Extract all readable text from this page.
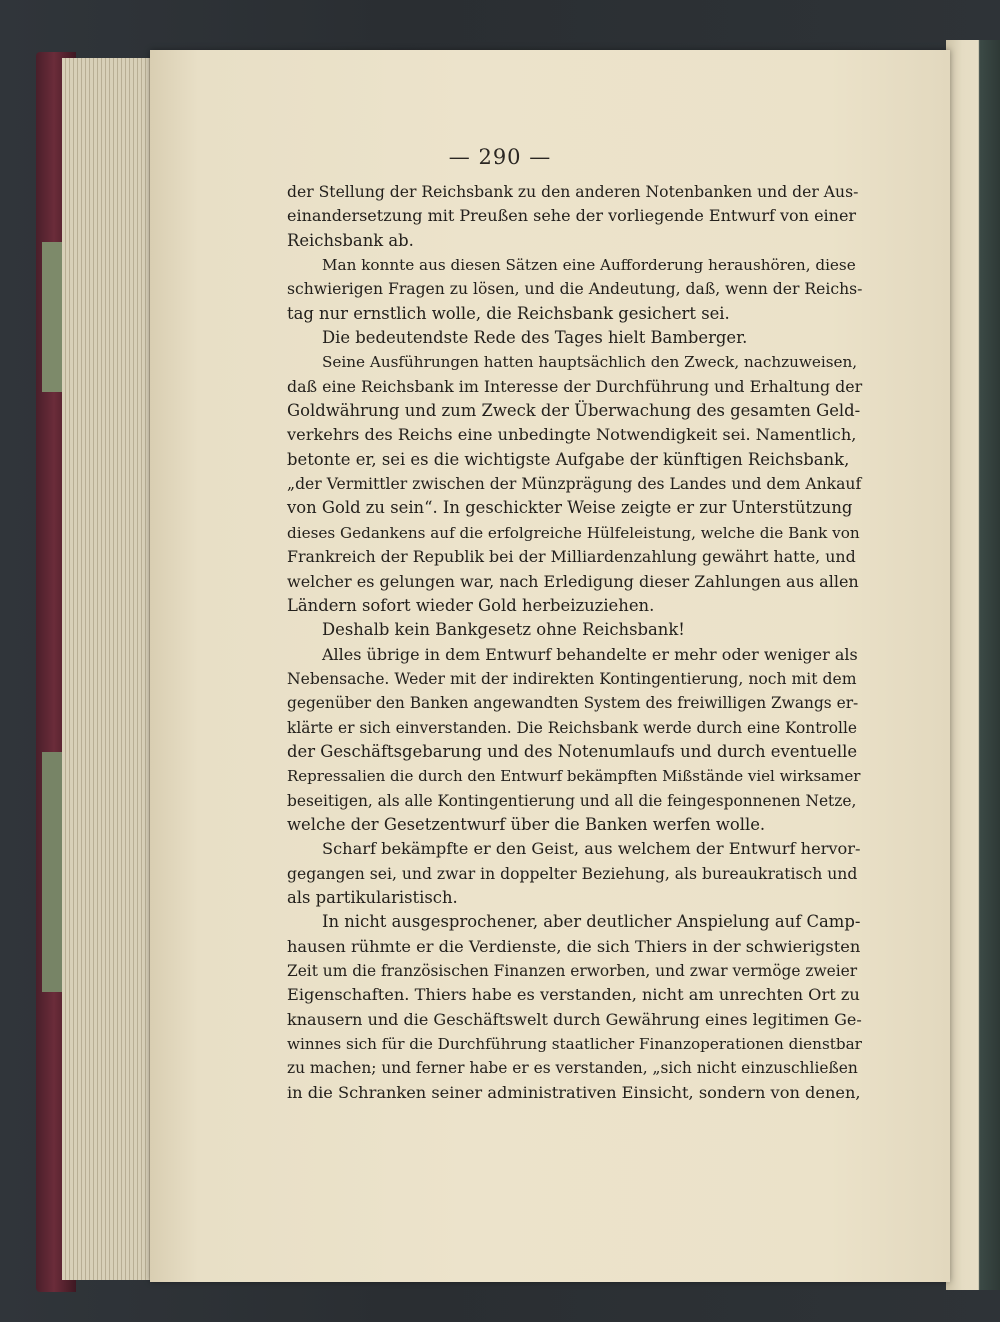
— 290 —

der Stellung der Reichsbank zu den anderen Notenbanken und der Aus-
einandersetzung mit Preußen sehe der vorliegende Entwurf von einer
Reichsbank ab.
Man konnte aus diesen Sätzen eine Aufforderung heraushören, diese
schwierigen Fragen zu lösen, und die Andeutung, daß, wenn der Reichs-
tag nur ernstlich wolle, die Reichsbank gesichert sei.
Die bedeutendste Rede des Tages hielt Bamberger.
Seine Ausführungen hatten hauptsächlich den Zweck, nachzuweisen,
daß eine Reichsbank im Interesse der Durchführung und Erhaltung der
Goldwährung und zum Zweck der Überwachung des gesamten Geld-
verkehrs des Reichs eine unbedingte Notwendigkeit sei. Namentlich,
betonte er, sei es die wichtigste Aufgabe der künftigen Reichsbank,
„der Vermittler zwischen der Münzprägung des Landes und dem Ankauf
von Gold zu sein“. In geschickter Weise zeigte er zur Unterstützung
dieses Gedankens auf die erfolgreiche Hülfeleistung, welche die Bank von
Frankreich der Republik bei der Milliardenzahlung gewährt hatte, und
welcher es gelungen war, nach Erledigung dieser Zahlungen aus allen
Ländern sofort wieder Gold herbeizuziehen.
Deshalb kein Bankgesetz ohne Reichsbank!
Alles übrige in dem Entwurf behandelte er mehr oder weniger als
Nebensache. Weder mit der indirekten Kontingentierung, noch mit dem
gegenüber den Banken angewandten System des freiwilligen Zwangs er-
klärte er sich einverstanden. Die Reichsbank werde durch eine Kontrolle
der Geschäftsgebarung und des Notenumlaufs und durch eventuelle
Repressalien die durch den Entwurf bekämpften Mißstände viel wirksamer
beseitigen, als alle Kontingentierung und all die feingesponnenen Netze,
welche der Gesetzentwurf über die Banken werfen wolle.
Scharf bekämpfte er den Geist, aus welchem der Entwurf hervor-
gegangen sei, und zwar in doppelter Beziehung, als bureaukratisch und
als partikularistisch.
In nicht ausgesprochener, aber deutlicher Anspielung auf Camp-
hausen rühmte er die Verdienste, die sich Thiers in der schwierigsten
Zeit um die französischen Finanzen erworben, und zwar vermöge zweier
Eigenschaften. Thiers habe es verstanden, nicht am unrechten Ort zu
knausern und die Geschäftswelt durch Gewährung eines legitimen Ge-
winnes sich für die Durchführung staatlicher Finanzoperationen dienstbar
zu machen; und ferner habe er es verstanden, „sich nicht einzuschließen
in die Schranken seiner administrativen Einsicht, sondern von denen,
